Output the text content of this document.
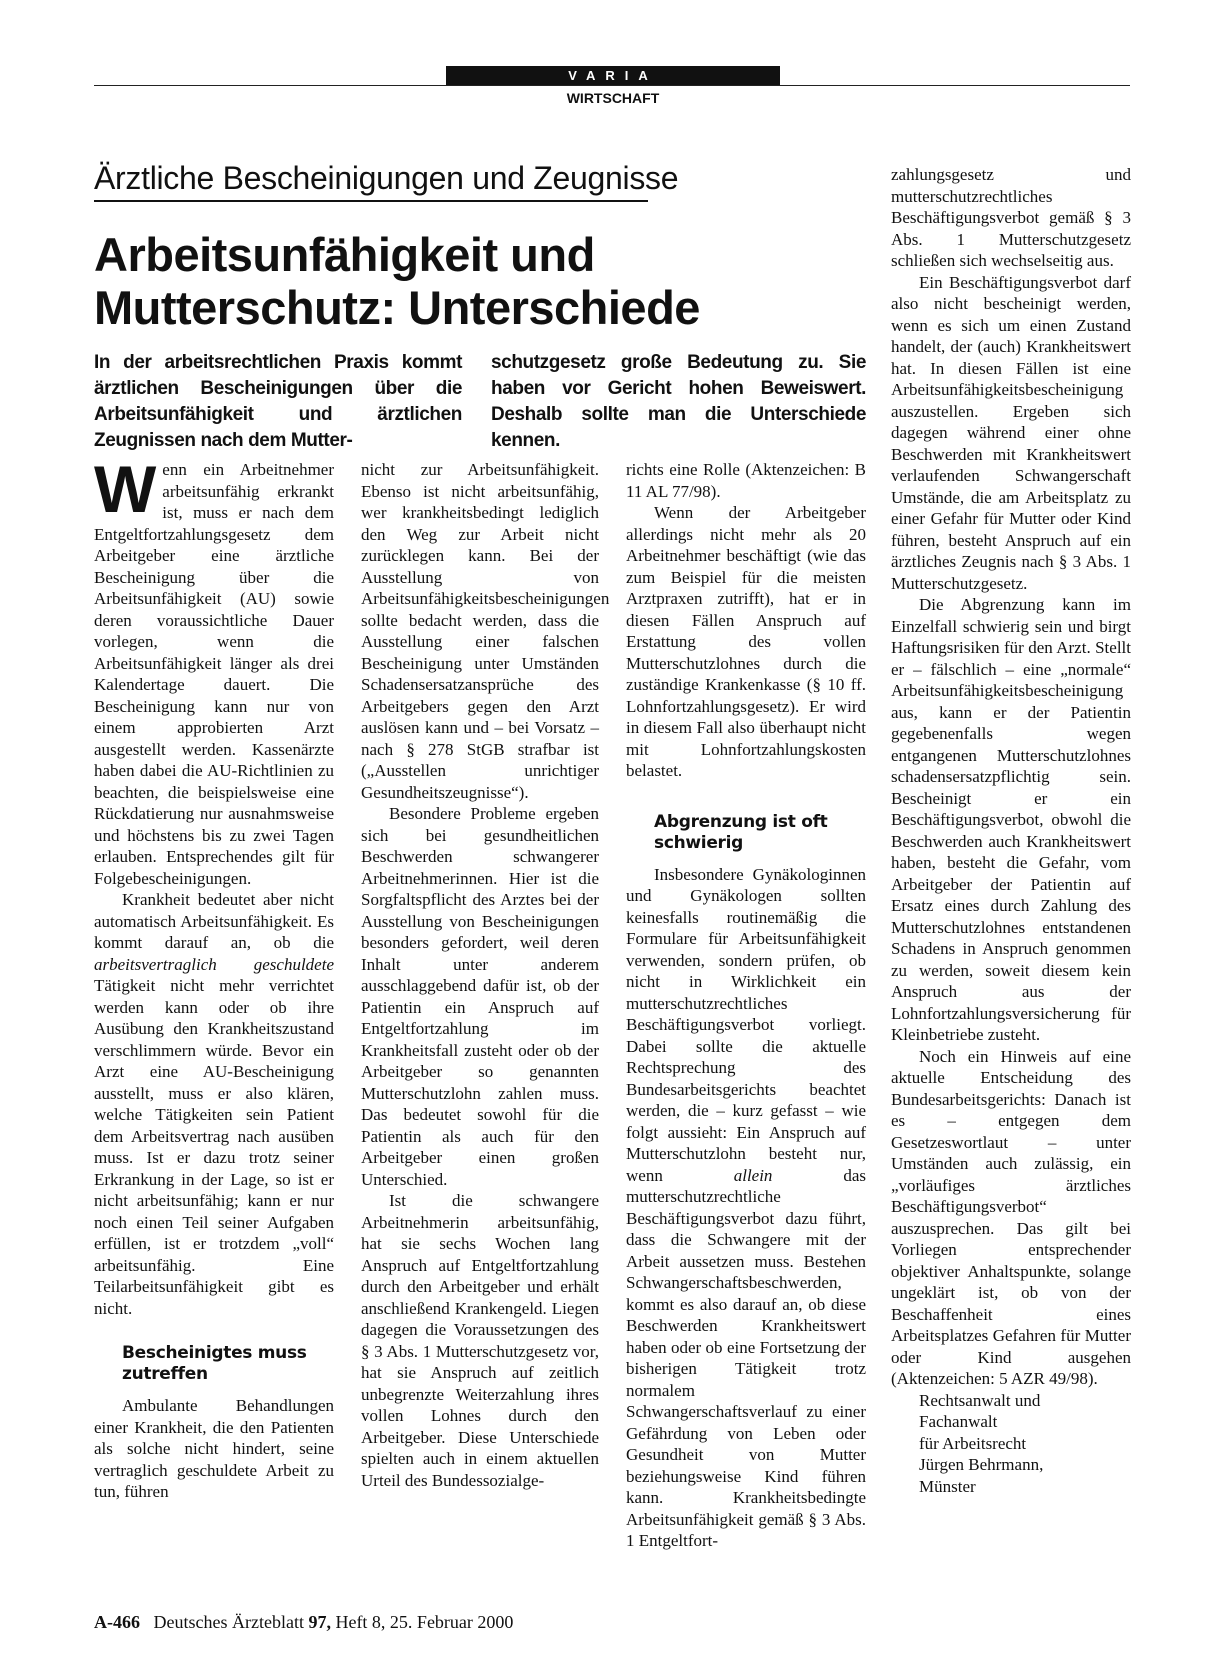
VARIA
WIRTSCHAFT
Ärztliche Bescheinigungen und Zeugnisse
Arbeitsunfähigkeit und
Mutterschutz: Unterschiede
In der arbeitsrechtlichen Praxis kommt ärztlichen Bescheinigungen über die Arbeitsunfähigkeit und ärztlichen Zeugnissen nach dem Mutter-
schutzgesetz große Bedeutung zu. Sie haben vor Gericht hohen Beweiswert. Deshalb sollte man die Unterschiede kennen.

Wenn ein Arbeitnehmer arbeitsunfähig erkrankt ist, muss er nach dem Entgeltfortzahlungsgesetz dem Arbeitgeber eine ärztliche Bescheinigung über die Arbeitsunfähigkeit (AU) sowie deren voraussichtliche Dauer vorlegen, wenn die Arbeitsunfähigkeit länger als drei Kalendertage dauert. Die Bescheinigung kann nur von einem approbierten Arzt ausgestellt werden. Kassenärzte haben dabei die AU-Richtlinien zu beachten, die beispielsweise eine Rückdatierung nur ausnahmsweise und höchstens bis zu zwei Tagen erlauben. Entsprechendes gilt für Folgebescheinigungen.

Krankheit bedeutet aber nicht automatisch Arbeitsunfähigkeit. Es kommt darauf an, ob die arbeitsvertraglich geschuldete Tätigkeit nicht mehr verrichtet werden kann oder ob ihre Ausübung den Krankheitszustand verschlimmern würde. Bevor ein Arzt eine AU-Bescheinigung ausstellt, muss er also klären, welche Tätigkeiten sein Patient dem Arbeitsvertrag nach ausüben muss. Ist er dazu trotz seiner Erkrankung in der Lage, so ist er nicht arbeitsunfähig; kann er nur noch einen Teil seiner Aufgaben erfüllen, ist er trotzdem „voll“ arbeitsunfähig. Eine Teilarbeitsunfähigkeit gibt es nicht.

Bescheinigtes muss zutreffen

Ambulante Behandlungen einer Krankheit, die den Patienten als solche nicht hindert, seine vertraglich geschuldete Arbeit zu tun, führen

nicht zur Arbeitsunfähigkeit. Ebenso ist nicht arbeitsunfähig, wer krankheitsbedingt lediglich den Weg zur Arbeit nicht zurücklegen kann. Bei der Ausstellung von Arbeitsunfähigkeitsbescheinigungen sollte bedacht werden, dass die Ausstellung einer falschen Bescheinigung unter Umständen Schadensersatzansprüche des Arbeitgebers gegen den Arzt auslösen kann und – bei Vorsatz – nach § 278 StGB strafbar ist („Ausstellen unrichtiger Gesundheitszeugnisse“).

Besondere Probleme ergeben sich bei gesundheitlichen Beschwerden schwangerer Arbeitnehmerinnen. Hier ist die Sorgfaltspflicht des Arztes bei der Ausstellung von Bescheinigungen besonders gefordert, weil deren Inhalt unter anderem ausschlaggebend dafür ist, ob der Patientin ein Anspruch auf Entgeltfortzahlung im Krankheitsfall zusteht oder ob der Arbeitgeber so genannten Mutterschutzlohn zahlen muss. Das bedeutet sowohl für die Patientin als auch für den Arbeitgeber einen großen Unterschied.

Ist die schwangere Arbeitnehmerin arbeitsunfähig, hat sie sechs Wochen lang Anspruch auf Entgeltfortzahlung durch den Arbeitgeber und erhält anschließend Krankengeld. Liegen dagegen die Voraussetzungen des § 3 Abs. 1 Mutterschutzgesetz vor, hat sie Anspruch auf zeitlich unbegrenzte Weiterzahlung ihres vollen Lohnes durch den Arbeitgeber. Diese Unterschiede spielten auch in einem aktuellen Urteil des Bundessozialge-

richts eine Rolle (Aktenzeichen: B 11 AL 77/98).

Wenn der Arbeitgeber allerdings nicht mehr als 20 Arbeitnehmer beschäftigt (wie das zum Beispiel für die meisten Arztpraxen zutrifft), hat er in diesen Fällen Anspruch auf Erstattung des vollen Mutterschutzlohnes durch die zuständige Krankenkasse (§ 10 ff. Lohnfortzahlungsgesetz). Er wird in diesem Fall also überhaupt nicht mit Lohnfortzahlungskosten belastet.

Abgrenzung ist oft schwierig

Insbesondere Gynäkologinnen und Gynäkologen sollten keinesfalls routinemäßig die Formulare für Arbeitsunfähigkeit verwenden, sondern prüfen, ob nicht in Wirklichkeit ein mutterschutzrechtliches Beschäftigungsverbot vorliegt. Dabei sollte die aktuelle Rechtsprechung des Bundesarbeitsgerichts beachtet werden, die – kurz gefasst – wie folgt aussieht: Ein Anspruch auf Mutterschutzlohn besteht nur, wenn allein das mutterschutzrechtliche Beschäftigungsverbot dazu führt, dass die Schwangere mit der Arbeit aussetzen muss. Bestehen Schwangerschaftsbeschwerden, kommt es also darauf an, ob diese Beschwerden Krankheitswert haben oder ob eine Fortsetzung der bisherigen Tätigkeit trotz normalem Schwangerschaftsverlauf zu einer Gefährdung von Leben oder Gesundheit von Mutter beziehungsweise Kind führen kann. Krankheitsbedingte Arbeitsunfähigkeit gemäß § 3 Abs. 1 Entgeltfort-

zahlungsgesetz und mutterschutzrechtliches Beschäftigungsverbot gemäß § 3 Abs. 1 Mutterschutzgesetz schließen sich wechselseitig aus.

Ein Beschäftigungsverbot darf also nicht bescheinigt werden, wenn es sich um einen Zustand handelt, der (auch) Krankheitswert hat. In diesen Fällen ist eine Arbeitsunfähigkeitsbescheinigung auszustellen. Ergeben sich dagegen während einer ohne Beschwerden mit Krankheitswert verlaufenden Schwangerschaft Umstände, die am Arbeitsplatz zu einer Gefahr für Mutter oder Kind führen, besteht Anspruch auf ein ärztliches Zeugnis nach § 3 Abs. 1 Mutterschutzgesetz.

Die Abgrenzung kann im Einzelfall schwierig sein und birgt Haftungsrisiken für den Arzt. Stellt er – fälschlich – eine „normale“ Arbeitsunfähigkeitsbescheinigung aus, kann er der Patientin gegebenenfalls wegen entgangenen Mutterschutzlohnes schadensersatzpflichtig sein. Bescheinigt er ein Beschäftigungsverbot, obwohl die Beschwerden auch Krankheitswert haben, besteht die Gefahr, vom Arbeitgeber der Patientin auf Ersatz eines durch Zahlung des Mutterschutzlohnes entstandenen Schadens in Anspruch genommen zu werden, soweit diesem kein Anspruch aus der Lohnfortzahlungsversicherung für Kleinbetriebe zusteht.

Noch ein Hinweis auf eine aktuelle Entscheidung des Bundesarbeitsgerichts: Danach ist es – entgegen dem Gesetzeswortlaut – unter Umständen auch zulässig, ein „vorläufiges ärztliches Beschäftigungsverbot“ auszusprechen. Das gilt bei Vorliegen entsprechender objektiver Anhaltspunkte, solange ungeklärt ist, ob von der Beschaffenheit eines Arbeitsplatzes Gefahren für Mutter oder Kind ausgehen (Aktenzeichen: 5 AZR 49/98).

Rechtsanwalt und

Fachanwalt

für Arbeitsrecht

Jürgen Behrmann,

Münster

A-466 Deutsches Ärzteblatt 97, Heft 8, 25. Februar 2000
